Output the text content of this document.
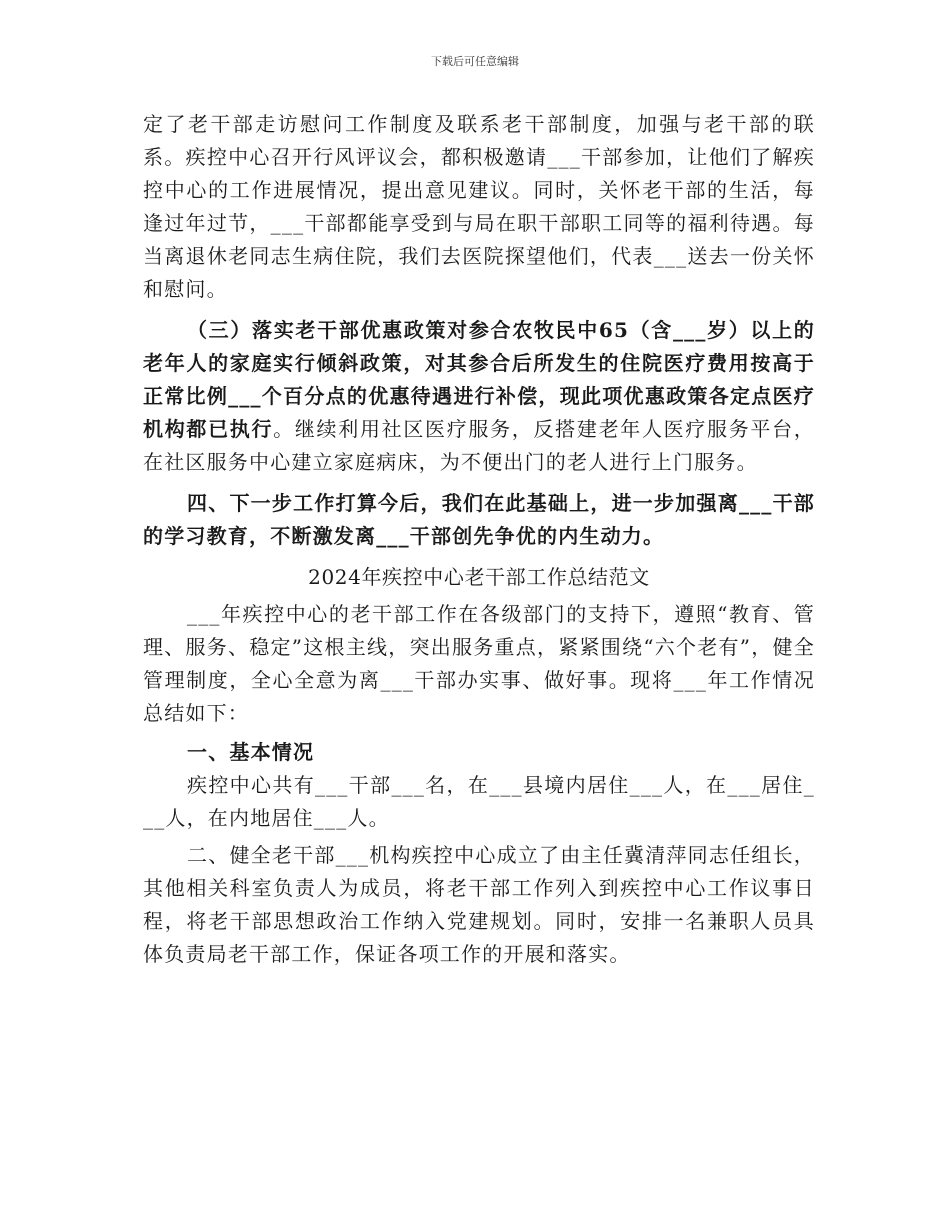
下载后可任意编辑

定了老干部走访慰问工作制度及联系老干部制度，加强与老干部的联系。疾控中心召开行风评议会，都积极邀请___干部参加，让他们了解疾控中心的工作进展情况，提出意见建议。同时，关怀老干部的生活，每逢过年过节，___干部都能享受到与局在职干部职工同等的福利待遇。每当离退休老同志生病住院，我们去医院探望他们，代表___送去一份关怀和慰问。

（三）落实老干部优惠政策对参合农牧民中65（含___岁）以上的老年人的家庭实行倾斜政策，对其参合后所发生的住院医疗费用按高于正常比例___个百分点的优惠待遇进行补偿，现此项优惠政策各定点医疗机构都已执行。继续利用社区医疗服务，反搭建老年人医疗服务平台，在社区服务中心建立家庭病床，为不便出门的老人进行上门服务。

四、下一步工作打算今后，我们在此基础上，进一步加强离___干部的学习教育，不断激发离___干部创先争优的内生动力。

2024年疾控中心老干部工作总结范文

___年疾控中心的老干部工作在各级部门的支持下，遵照“教育、管理、服务、稳定”这根主线，突出服务重点，紧紧围绕“六个老有”，健全管理制度，全心全意为离___干部办实事、做好事。现将___年工作情况总结如下：

一、基本情况

疾控中心共有___干部___名，在___县境内居住___人，在___居住___人，在内地居住___人。

二、健全老干部___机构疾控中心成立了由主任冀清萍同志任组长，其他相关科室负责人为成员，将老干部工作列入到疾控中心工作议事日程，将老干部思想政治工作纳入党建规划。同时，安排一名兼职人员具体负责局老干部工作，保证各项工作的开展和落实。
